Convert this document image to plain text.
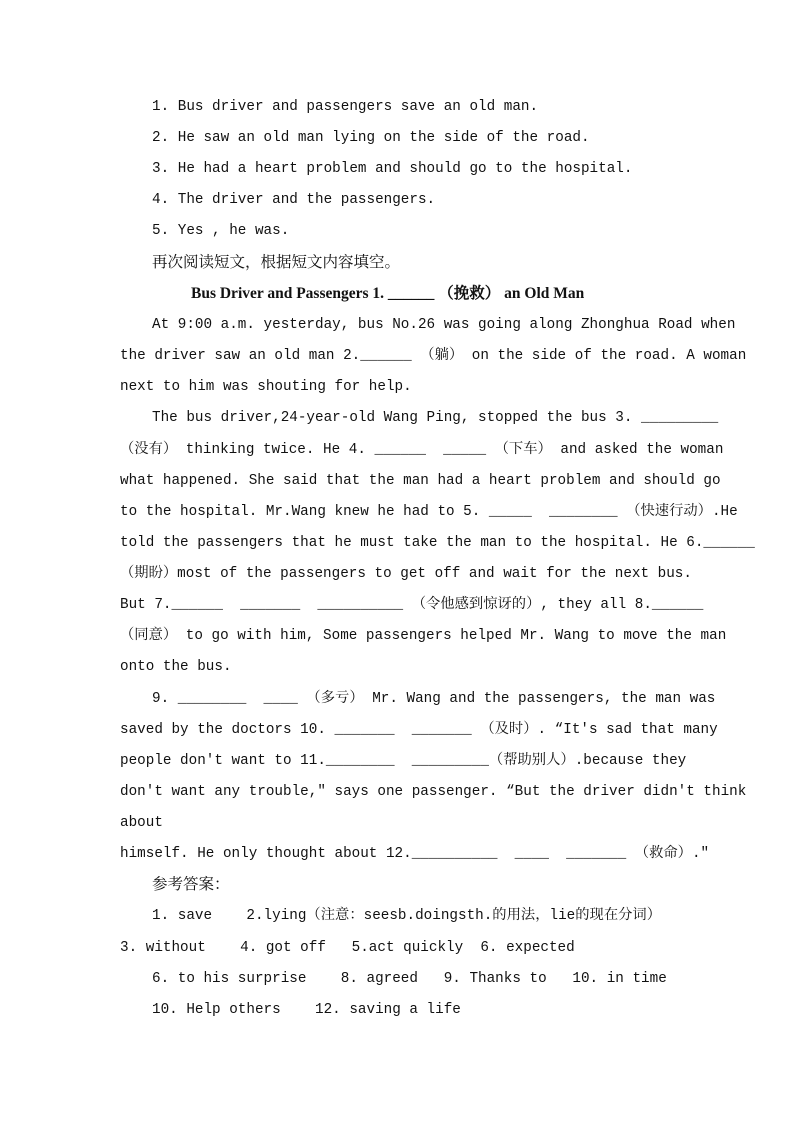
1. Bus driver and passengers save an old man.
2. He saw an old man lying on the side of the road.
3. He had a heart problem and should go to the hospital.
4. The driver and the passengers.
5. Yes , he was.
再次阅读短文，根据短文内容填空。
Bus Driver and Passengers 1. ______ （挽救） an Old Man
At 9:00 a.m. yesterday, bus No.26 was going along Zhonghua Road when
the driver saw an old man 2.______ （躺） on the side of the road. A woman
next to him was shouting for help.
The bus driver,24-year-old Wang Ping, stopped the bus 3. _________
（没有） thinking twice. He 4. ______  _____ （下车） and asked the woman
what happened. She said that the man had a heart problem and should go
to the hospital. Mr.Wang knew he had to 5. _____  ________ （快速行动）.He
told the passengers that he must take the man to the hospital. He 6.______
（期盼）most of the passengers to get off and wait for the next bus.
But 7.______  _______  __________ （令他感到惊讶的）, they all 8.______
（同意） to go with him, Some passengers helped Mr. Wang to move the man
onto the bus.
9. ________  ____ （多亏） Mr. Wang and the passengers, the man was
saved by the doctors 10. _______  _______ （及时）. “It's sad that many
people don't want to 11.________  _________（帮助别人）.because they
don't want any trouble," says one passenger. “But the driver didn't think
about
himself. He only thought about 12.__________  ____  _______ （救命）."
参考答案：
1. save    2.lying（注意：seesb.doingsth.的用法，lie的现在分词）
3. without    4. got off   5.act quickly  6. expected
6. to his surprise    8. agreed   9. Thanks to   10. in time
10. Help others    12. saving a life
